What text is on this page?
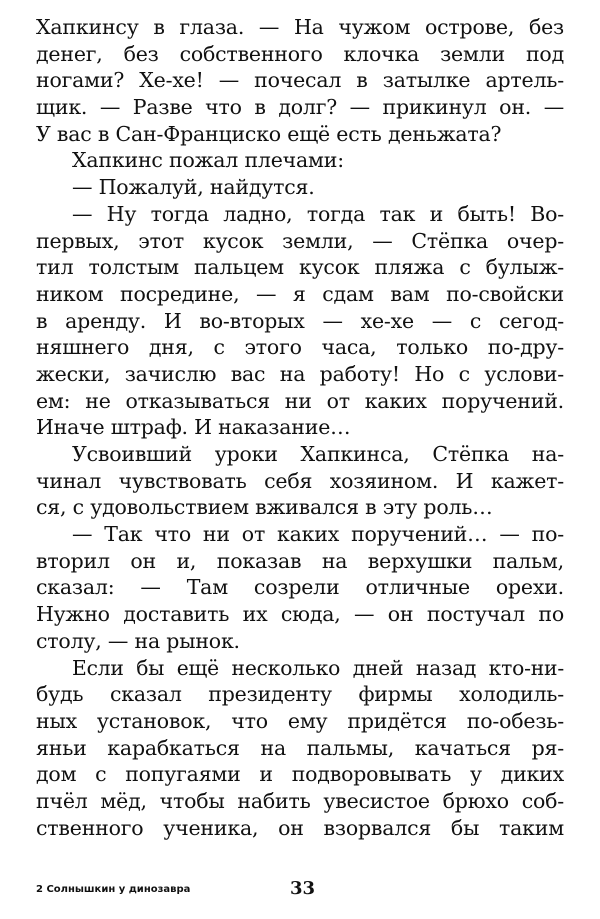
Хапкинсу в глаза. — На чужом острове, без
денег, без собственного клочка земли под
ногами? Хе-хе! — почесал в затылке артель-
щик. — Разве что в долг? — прикинул он. —
У вас в Сан-Франциско ещё есть деньжата?
Хапкинс пожал плечами:
— Пожалуй, найдутся.
— Ну тогда ладно, тогда так и быть! Во-
первых, этот кусок земли, — Стёпка очер-
тил толстым пальцем кусок пляжа с булыж-
ником посредине, — я сдам вам по-свойски
в аренду. И во-вторых — хе-хе — с сегод-
няшнего дня, с этого часа, только по-дру-
жески, зачислю вас на работу! Но с услови-
ем: не отказываться ни от каких поручений.
Иначе штраф. И наказание…
Усвоивший уроки Хапкинса, Стёпка на-
чинал чувствовать себя хозяином. И кажет-
ся, с удовольствием вживался в эту роль…
— Так что ни от каких поручений… — по-
вторил он и, показав на верхушки пальм,
сказал: — Там созрели отличные орехи.
Нужно доставить их сюда, — он постучал по
столу, — на рынок.
Если бы ещё несколько дней назад кто-ни-
будь сказал президенту фирмы холодиль-
ных установок, что ему придётся по-обезь-
яньи карабкаться на пальмы, качаться ря-
дом с попугаями и подворовывать у диких
пчёл мёд, чтобы набить увесистое брюхо соб-
ственного ученика, он взорвался бы таким
2 Солнышкин у динозавра	33
